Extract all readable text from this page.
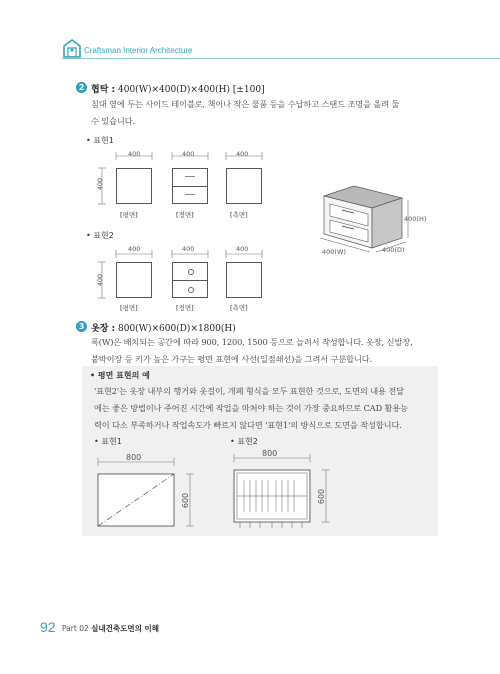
Craftsman Interior Architecture
2 협탁 : 400(W)×400(D)×400(H) [±100]
침대 옆에 두는 사이드 테이블로, 책이나 작은 물품 등을 수납하고 스탠드 조명을 올려 둘
수 있습니다.
• 표현1
400	400	400
400
[평면]	[정면]	[측면]
• 표현2
400	400	400
400
[평면]	[정면]	[측면]
400(H)
400(W)	400(D)
3 옷장 : 800(W)×600(D)×1800(H)
폭(W)은 배치되는 공간에 따라 900, 1200, 1500 등으로 늘려서 작성합니다. 옷장, 신발장,
붙박이장 등 키가 높은 가구는 평면 표현에 사선(일점쇄선)을 그려서 구분합니다.
• 평면 표현의 예
'표현2'는 옷장 내부의 행거와 옷걸이, 개폐 형식을 모두 표현한 것으로, 도면의 내용 전달
에는 좋은 방법이나 주어진 시간에 작업을 마쳐야 하는 것이 가장 중요하므로 CAD 활용능
력이 다소 부족하거나 작업속도가 빠르지 않다면 '표현1'의 방식으로 도면을 작성합니다.
• 표현1	• 표현2
800
600
800
600
92 Part 02 실내건축도면의 이해
